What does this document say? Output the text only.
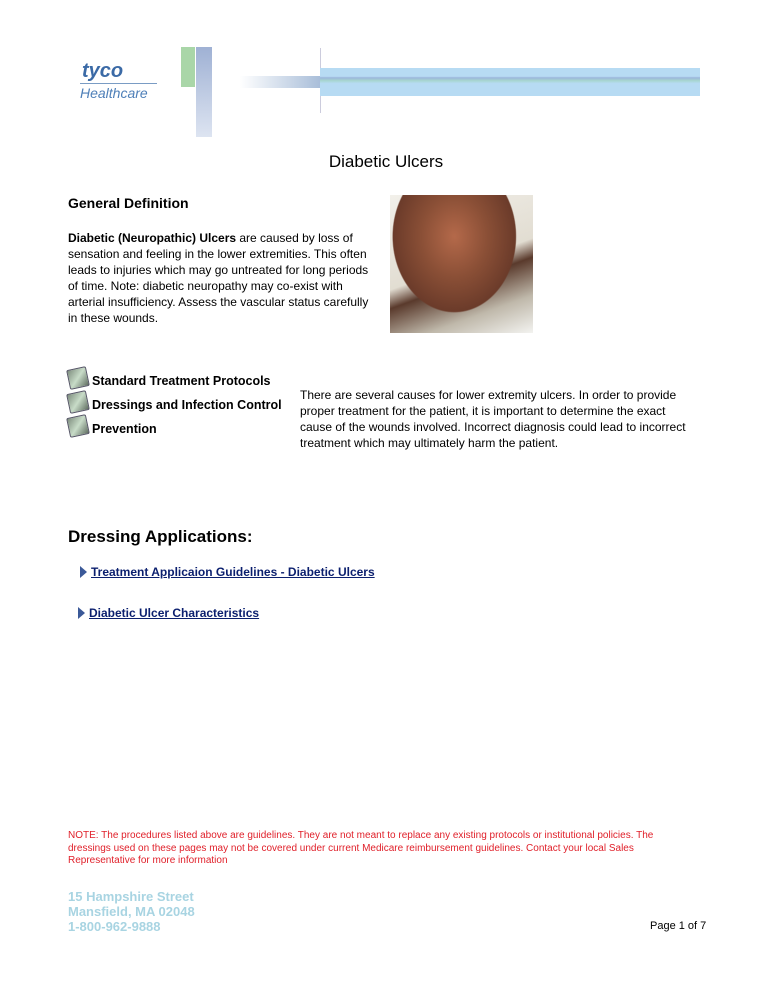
tyco
Healthcare
Diabetic Ulcers
General Definition

Diabetic (Neuropathic) Ulcers are caused by loss of sensation and feeling in the lower extremities. This often leads to injuries which may go untreated for long periods of time. Note: diabetic neuropathy may co-exist with arterial insufficiency. Assess the vascular status carefully in these wounds.

Standard Treatment Protocols
Dressings and Infection Control
Prevention

There are several causes for lower extremity ulcers. In order to provide proper treatment for the patient, it is important to determine the exact cause of the wounds involved. Incorrect diagnosis could lead to incorrect treatment which may ultimately harm the patient.

Dressing Applications:
Treatment Applicaion Guidelines - Diabetic Ulcers
Diabetic Ulcer Characteristics

NOTE: The procedures listed above are guidelines. They are not meant to replace any existing protocols or institutional policies. The dressings used on these pages may not be covered under current Medicare reimbursement guidelines. Contact your local Sales Representative for more information

15 Hampshire Street
Mansfield, MA 02048
1-800-962-9888	Page 1 of 7
